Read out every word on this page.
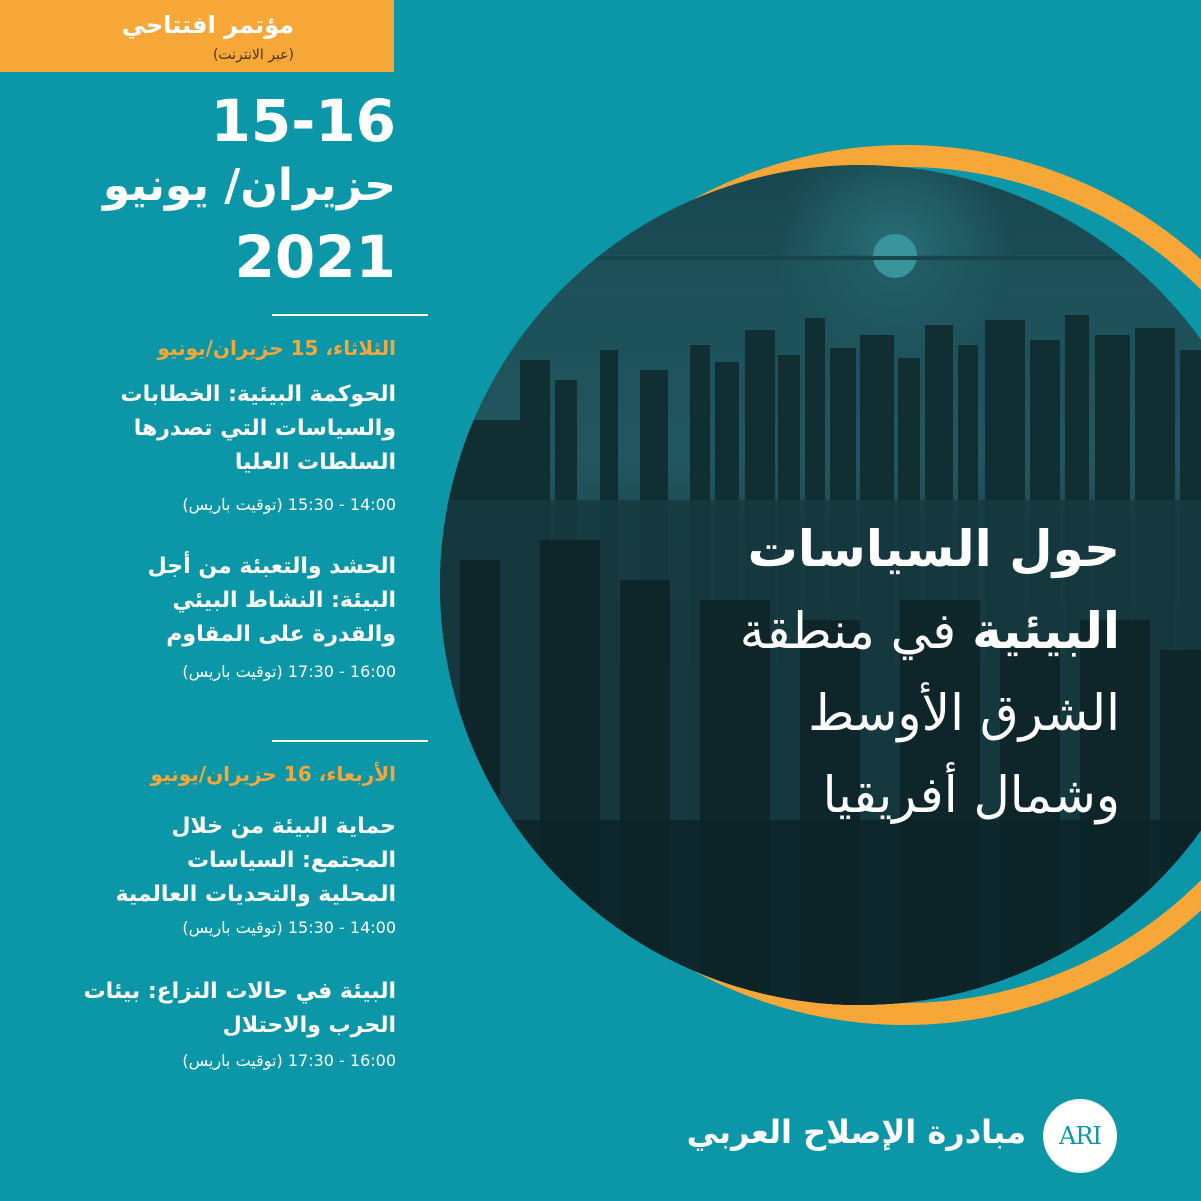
مؤتمر افتتاحي
(عبر الانترنت)
15-16
حزيران/ يونيو
2021
الثلاثاء، 15 حزيران/يونيو
الحوكمة البيئية: الخطابات
والسياسات التي تصدرها
السلطات العليا
14:00 - 15:30 (توقيت باريس)
الحشد والتعبئة من أجل
البيئة: النشاط البيئي
والقدرة على المقاوم
16:00 - 17:30 (توقيت باريس)
الأربعاء، 16 حزيران/يونيو
حماية البيئة من خلال
المجتمع: السياسات
المحلية والتحديات العالمية
14:00 - 15:30 (توقيت باريس)
البيئة في حالات النزاع: بيئات
الحرب والاحتلال
16:00 - 17:30 (توقيت باريس)
حول السياسات
البيئية في منطقة
الشرق الأوسط
وشمال أفريقيا
ARI
مبادرة الإصلاح العربي
